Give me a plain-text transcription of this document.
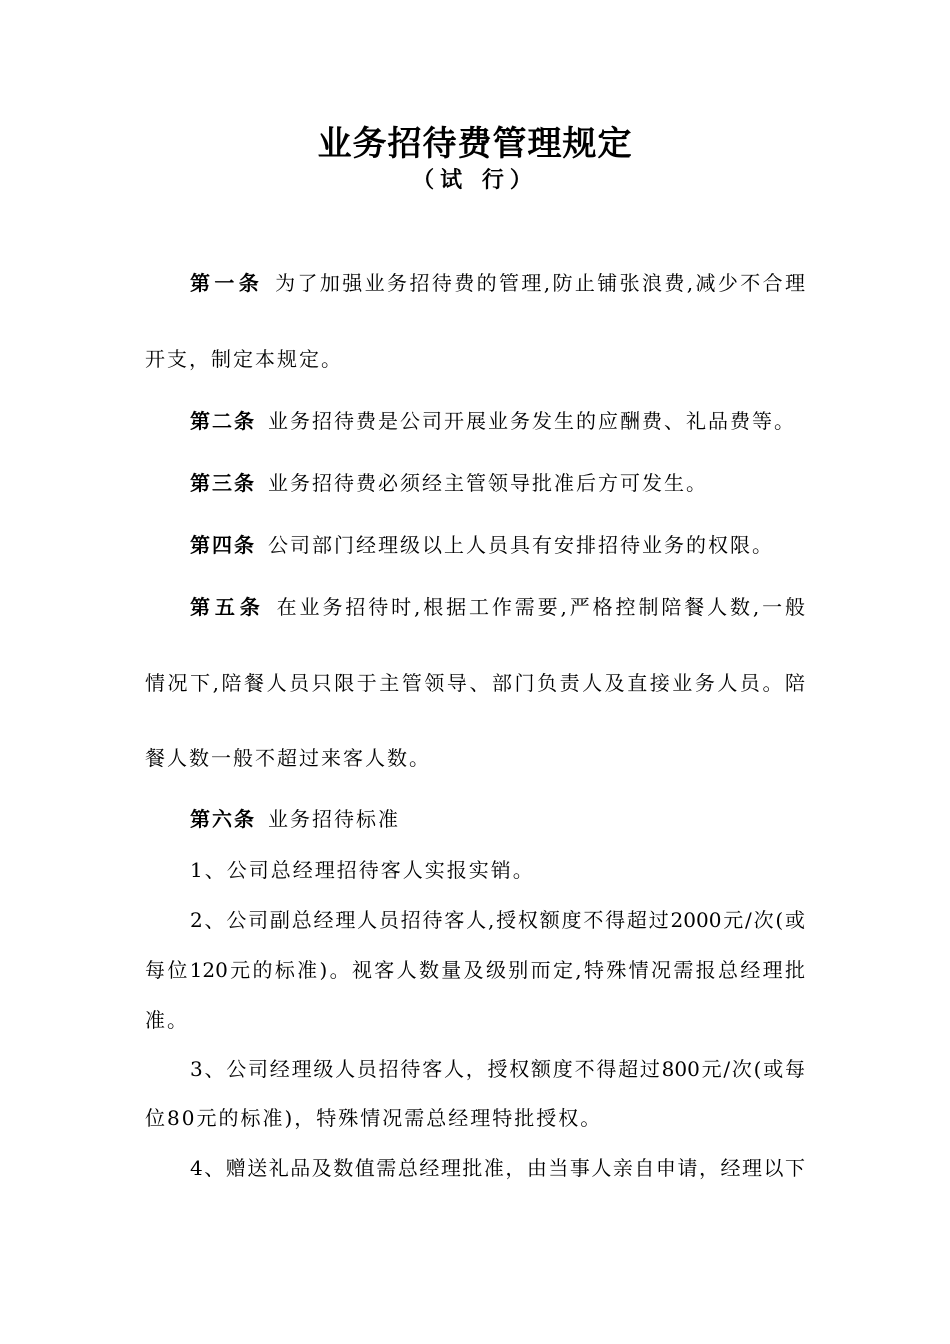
业务招待费管理规定
（试 行）
第一条 为了加强业务招待费的管理,防止铺张浪费,减少不合理
开支，制定本规定。
第二条 业务招待费是公司开展业务发生的应酬费、礼品费等。
第三条 业务招待费必须经主管领导批准后方可发生。
第四条 公司部门经理级以上人员具有安排招待业务的权限。
第五条 在业务招待时,根据工作需要,严格控制陪餐人数,一般
情况下,陪餐人员只限于主管领导、部门负责人及直接业务人员。陪
餐人数一般不超过来客人数。
第六条 业务招待标准
1、公司总经理招待客人实报实销。
2、公司副总经理人员招待客人,授权额度不得超过2000元/次(或
每位120元的标准)。视客人数量及级别而定,特殊情况需报总经理批
准。
3、公司经理级人员招待客人，授权额度不得超过800元/次(或每
位80元的标准)，特殊情况需总经理特批授权。
4、赠送礼品及数值需总经理批准，由当事人亲自申请，经理以下
